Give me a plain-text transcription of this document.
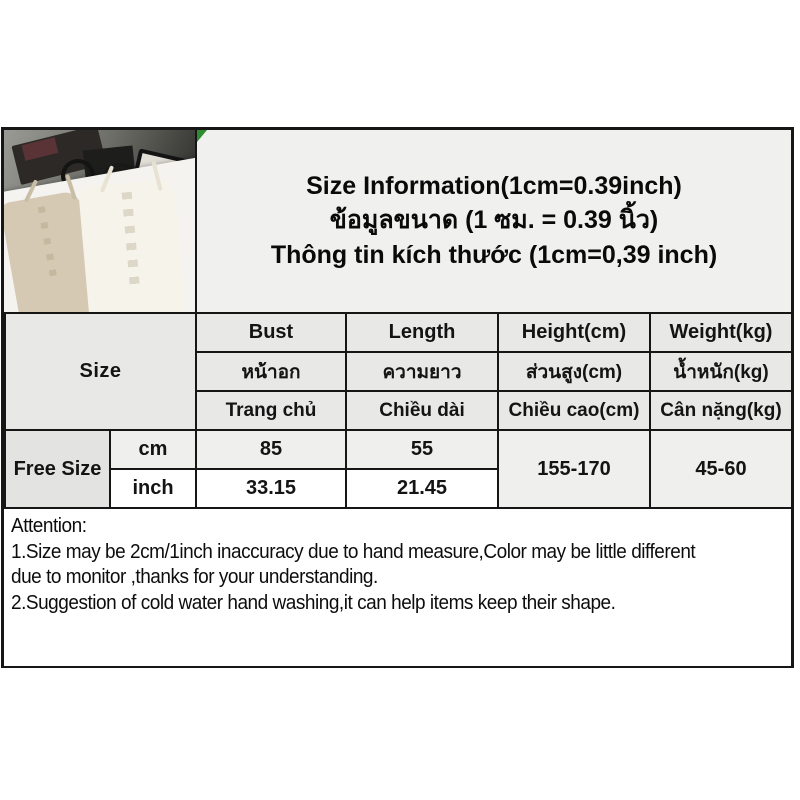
Size Information(1cm=0.39inch)
ข้อมูลขนาด (1 ซม. = 0.39 นิ้ว)
Thông tin kích thước (1cm=0,39 inch)
Size		Bust	Length	Height(cm)	Weight(kg)
		หน้าอก	ความยาว	ส่วนสูง(cm)	น้ำหนัก(kg)
		Trang chủ	Chiều dài	Chiều cao(cm)	Cân nặng(kg)
Free Size	cm	85	55	155-170	45-60
	inch	33.15	21.45		
Attention:
1.Size may be 2cm/1inch inaccuracy due to hand measure,Color may be little different
due to monitor ,thanks for your understanding.
2.Suggestion of cold water hand washing,it can help items keep their shape.
